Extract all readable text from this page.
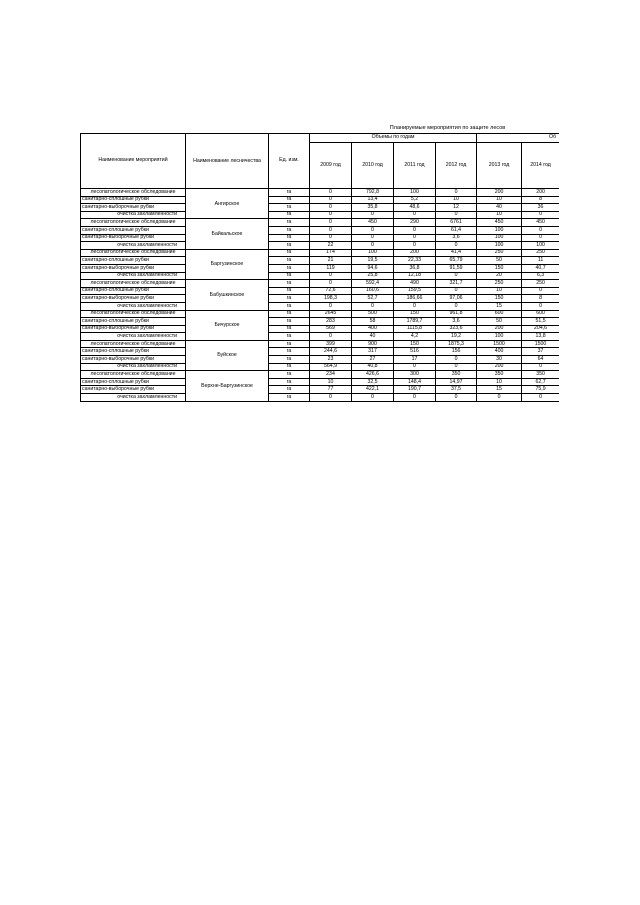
Планируемые мероприятия по защите лесов
Наименование мероприятий	Наименование лесничества	Ед. изм.	Объемы по годам				Об		
			2009 год	2010 год	2011 год	2012 год	2013 год	2014 год	
лесопатологическое обследование	Ангирское	га	0	792,8	100	0	200	200	
санитарно-сплошные рубки		га	0	13,4	5,2	10	10	8	
санитарно-выборочные рубки		га	0	35,8	48,6	12	40	36	
очистка захламленности		га	0	0	0	0	10	0	
лесопатологическое обследование	Байкальское	га	0	450	290	6761	450	450	
санитарно-сплошные рубки		га	0	0	0	61,4	100	0	
санитарно-выборочные рубки		га	0	0	0	3,6	100	0	
очистка захламленности		га	22	0	0	0	100	100	
лесопатологическое обследование	Баргузинское	га	174	100	200	41,4	250	250	
санитарно-сплошные рубки		га	21	19,5	22,33	65,79	50	11	
санитарно-выборочные рубки		га	119	94,6	36,8	91,59	150	40,7	
очистка захламленности		га	0	25,8	12,18	0	20	6,3	
лесопатологическое обследование	Бабушкинское	га	0	592,4	490	321,7	250	250	
санитарно-сплошные рубки		га	72,6	160,6	159,5	0	10	0	
санитарно-выборочные рубки		га	198,3	52,7	186,66	97,06	150	8	
очистка захламленности		га	0	0	0	0	15	0	
лесопатологическое обследование	Бичурское	га	2645	500	150	961,8	600	600	
санитарно-сплошные рубки		га	283	58	1789,7	3,6	50	51,5	
санитарно-выборочные рубки		га	569	400	1115,8	323,6	200	204,6	
очистка захламленности		га	0	40	4,2	19,2	100	13,8	
лесопатологическое обследование	Буйское	га	399	900	150	1875,3	1500	1500	
санитарно-сплошные рубки		га	244,6	317	516	156	400	37	
санитарно-выборочные рубки		га	23	27	17	0	30	64	
очистка захламленности		га	564,9	40,8	0	0	200	0	
лесопатологическое обследование	Верхне-Баргузинское	га	234	426,6	300	350	350	350	
санитарно-сплошные рубки		га	10	32,5	148,4	14,97	10	62,7	
санитарно-выборочные рубки		га	77	422,1	190,7	37,5	15	75,9	
очистка захламленности		га	0	0	0	0	0	0	
